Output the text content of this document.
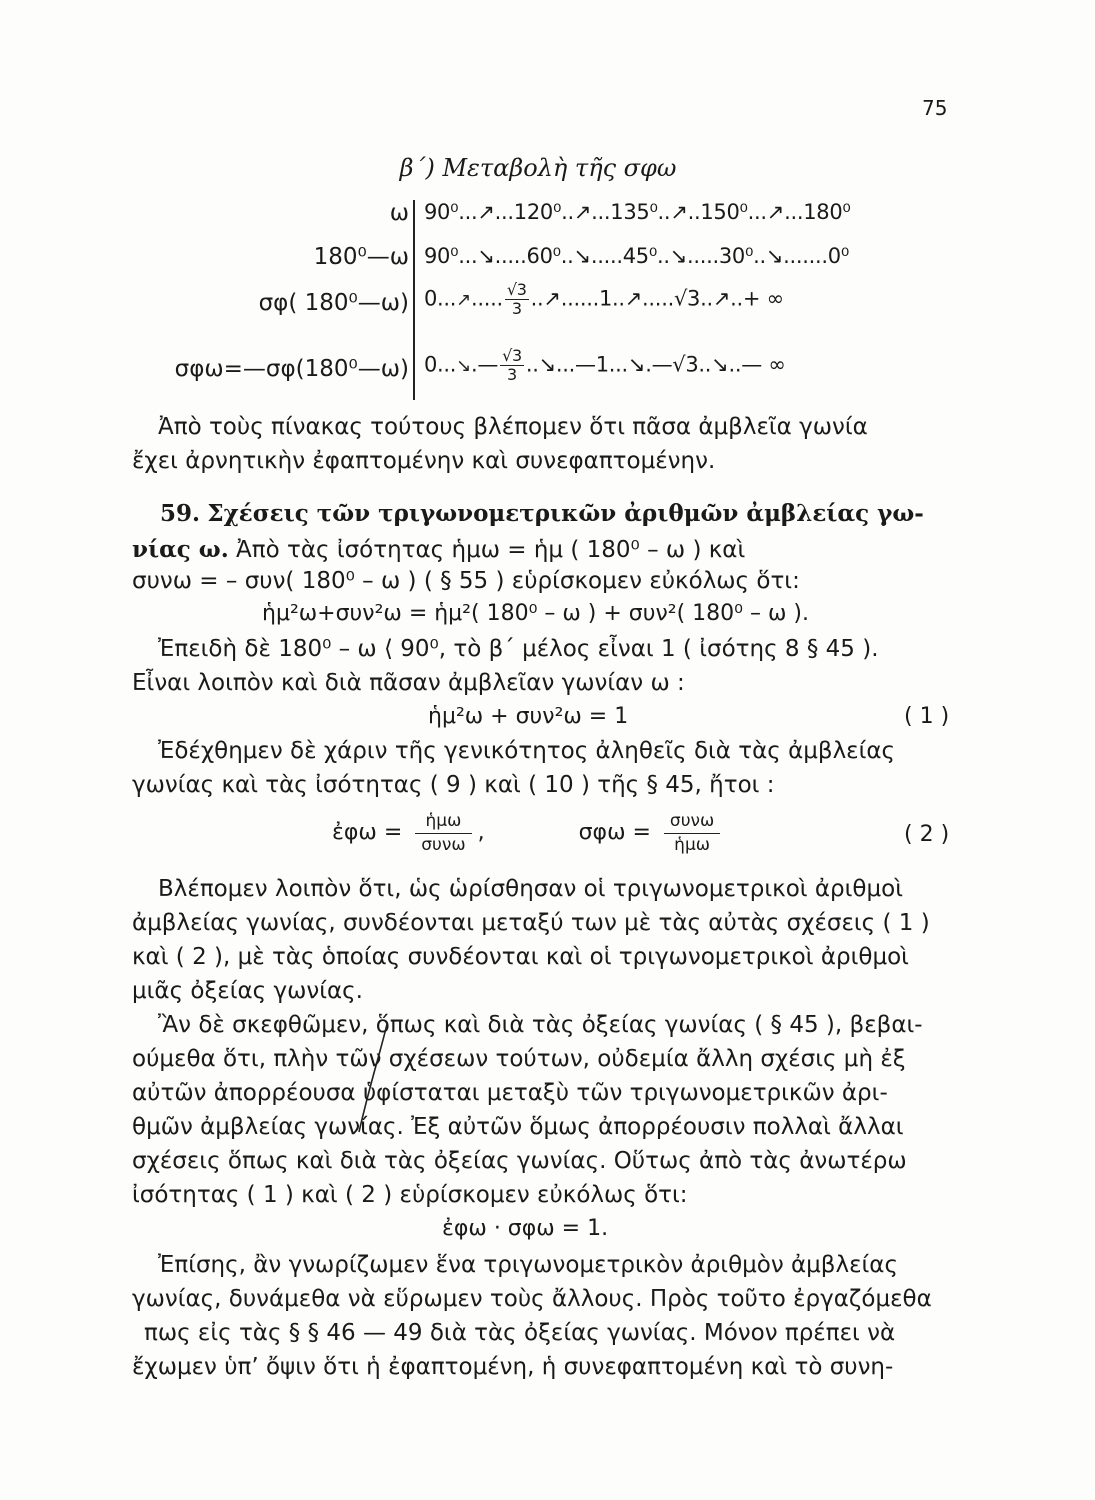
75
β΄) Μεταβολὴ τῆς σφω
ω 90⁰...↗...120⁰..↗...135⁰..↗..150⁰...↗...180⁰
180⁰—ω 90⁰...↘.....60⁰..↘.....45⁰..↘.....30⁰..↘.......0⁰
σφ( 180⁰—ω) 0...↗..... $\frac{√3}{3}$ ..↗......1..↗.....√3..↗..+ ∞
σφω=—σφ(180⁰—ω) 0...↘.— $\frac{√3}{3}$ ..↘...—1...↘.—√3..↘..— ∞
Ἀπὸ τοὺς πίνακας τούτους βλέπομεν ὅτι πᾶσα ἀμβλεῖα γωνία
ἔχει ἀρνητικὴν ἐφαπτομένην καὶ συνεφαπτομένην.
59. Σχέσεις τῶν τριγωνομετρικῶν ἀριθμῶν ἀμβλείας γω-
νίας ω. Ἀπὸ τὰς ἰσότητας ἡμω = ἡμ ( 180⁰ – ω ) καὶ
συνω = – συν( 180⁰ – ω ) ( § 55 ) εὑρίσκομεν εὐκόλως ὅτι:
ἡμ²ω+συν²ω = ἡμ²( 180⁰ – ω ) + συν²( 180⁰ – ω ).
Ἐπειδὴ δὲ 180⁰ – ω ⟨ 90⁰, τὸ β΄ μέλος εἶναι 1 ( ἰσότης 8 § 45 ).
Εἶναι λοιπὸν καὶ διὰ πᾶσαν ἀμβλεῖαν γωνίαν ω :
ἡμ²ω + συν²ω = 1	( 1 )
Ἐδέχθημεν δὲ χάριν τῆς γενικότητος ἀληθεῖς διὰ τὰς ἀμβλείας
γωνίας καὶ τὰς ἰσότητας ( 9 ) καὶ ( 10 ) τῆς § 45, ἤτοι :
ἐφω = $\frac{\text{ἡμω}}{\text{συνω}}$ ,	$\sigma\varphi\omega = \frac{\text{συνω}}{\text{ἡμω}}$	( 2 )
Βλέπομεν λοιπὸν ὅτι, ὡς ὡρίσθησαν οἱ τριγωνομετρικοὶ ἀριθμοὶ
ἀμβλείας γωνίας, συνδέονται μεταξύ των μὲ τὰς αὐτὰς σχέσεις ( 1 )
καὶ ( 2 ), μὲ τὰς ὁποίας συνδέονται καὶ οἱ τριγωνομετρικοὶ ἀριθμοὶ
μιᾶς ὀξείας γωνίας.
Ἂν δὲ σκεφθῶμεν, ὅπως καὶ διὰ τὰς ὀξείας γωνίας ( § 45 ), βεβαι-
ούμεθα ὅτι, πλὴν τῶν σχέσεων τούτων, οὐδεμία ἄλλη σχέσις μὴ ἐξ
αὐτῶν ἀπορρέουσα ὑφίσταται μεταξὺ τῶν τριγωνομετρικῶν ἀρι-
θμῶν ἀμβλείας γωνίας. Ἐξ αὐτῶν ὅμως ἀπορρέουσιν πολλαὶ ἄλλαι
σχέσεις ὅπως καὶ διὰ τὰς ὀξείας γωνίας. Οὕτως ἀπὸ τὰς ἀνωτέρω
ἰσότητας ( 1 ) καὶ ( 2 ) εὑρίσκομεν εὐκόλως ὅτι:
ἐφω · σφω = 1.
Ἐπίσης, ἂν γνωρίζωμεν ἕνα τριγωνομετρικὸν ἀριθμὸν ἀμβλείας
γωνίας, δυνάμεθα νὰ εὕρωμεν τοὺς ἄλλους. Πρὸς τοῦτο ἐργαζόμεθα
πως εἰς τὰς § § 46 — 49 διὰ τὰς ὀξείας γωνίας. Μόνον πρέπει νὰ
ἔχωμεν ὑπ’ ὄψιν ὅτι ἡ ἐφαπτομένη, ἡ συνεφαπτομένη καὶ τὸ συνη-
